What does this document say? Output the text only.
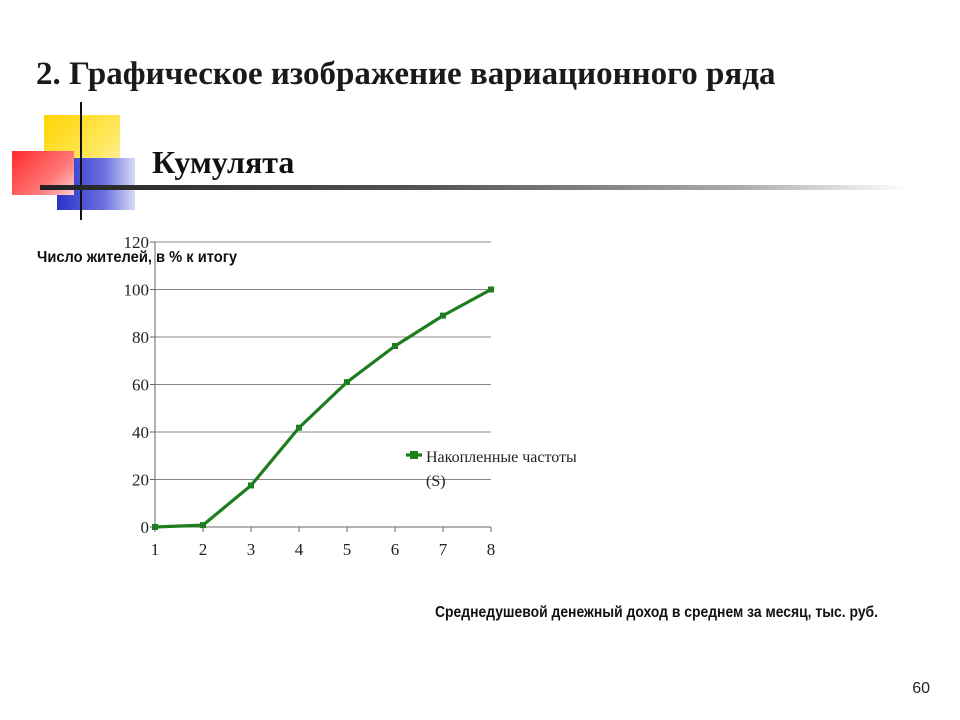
2. Графическое изображение вариационного ряда
Кумулята
0
20
40
60
80
100
120
1 2 3 4 5 6 7 8
Число жителей, в % к итогу
Накопленные частоты (S)
Среднедушевой денежный доход в среднем за месяц, тыс. руб.
60
